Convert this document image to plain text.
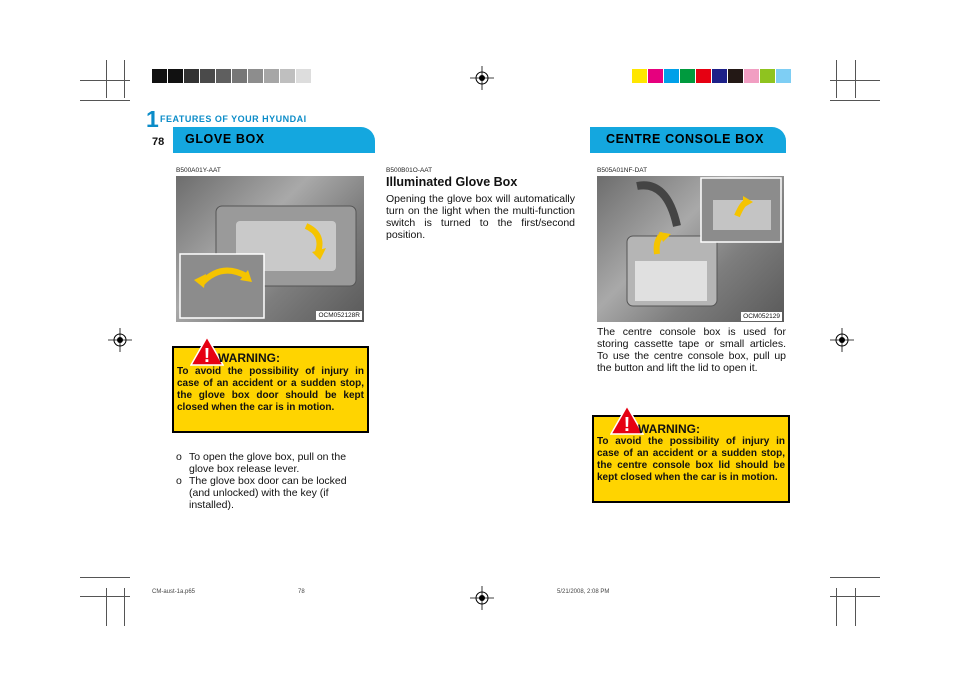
1 FEATURES OF YOUR HYUNDAI
78 GLOVE BOX
B500A01Y-AAT
OCM052128R
! WARNING:
To avoid the possibility of injury in case of an accident or a sudden stop, the glove box door should be kept closed when the car is in motion.
o To open the glove box, pull on the glove box release lever.
o The glove box door can be locked (and unlocked) with the key (if installed).
B500B01O-AAT
Illuminated Glove Box
Opening the glove box will automatically turn on the light when the multi-function switch is turned to the first/second position.
CENTRE CONSOLE BOX
B505A01NF-DAT
OCM052129
The centre console box is used for storing cassette tape or small articles. To use the centre console box, pull up the button and lift the lid to open it.
! WARNING:
To avoid the possibility of injury in case of an accident or a sudden stop, the centre console box lid should be kept closed when the car is in motion.
CM-aust-1a.p65	78	5/21/2008, 2:08 PM
